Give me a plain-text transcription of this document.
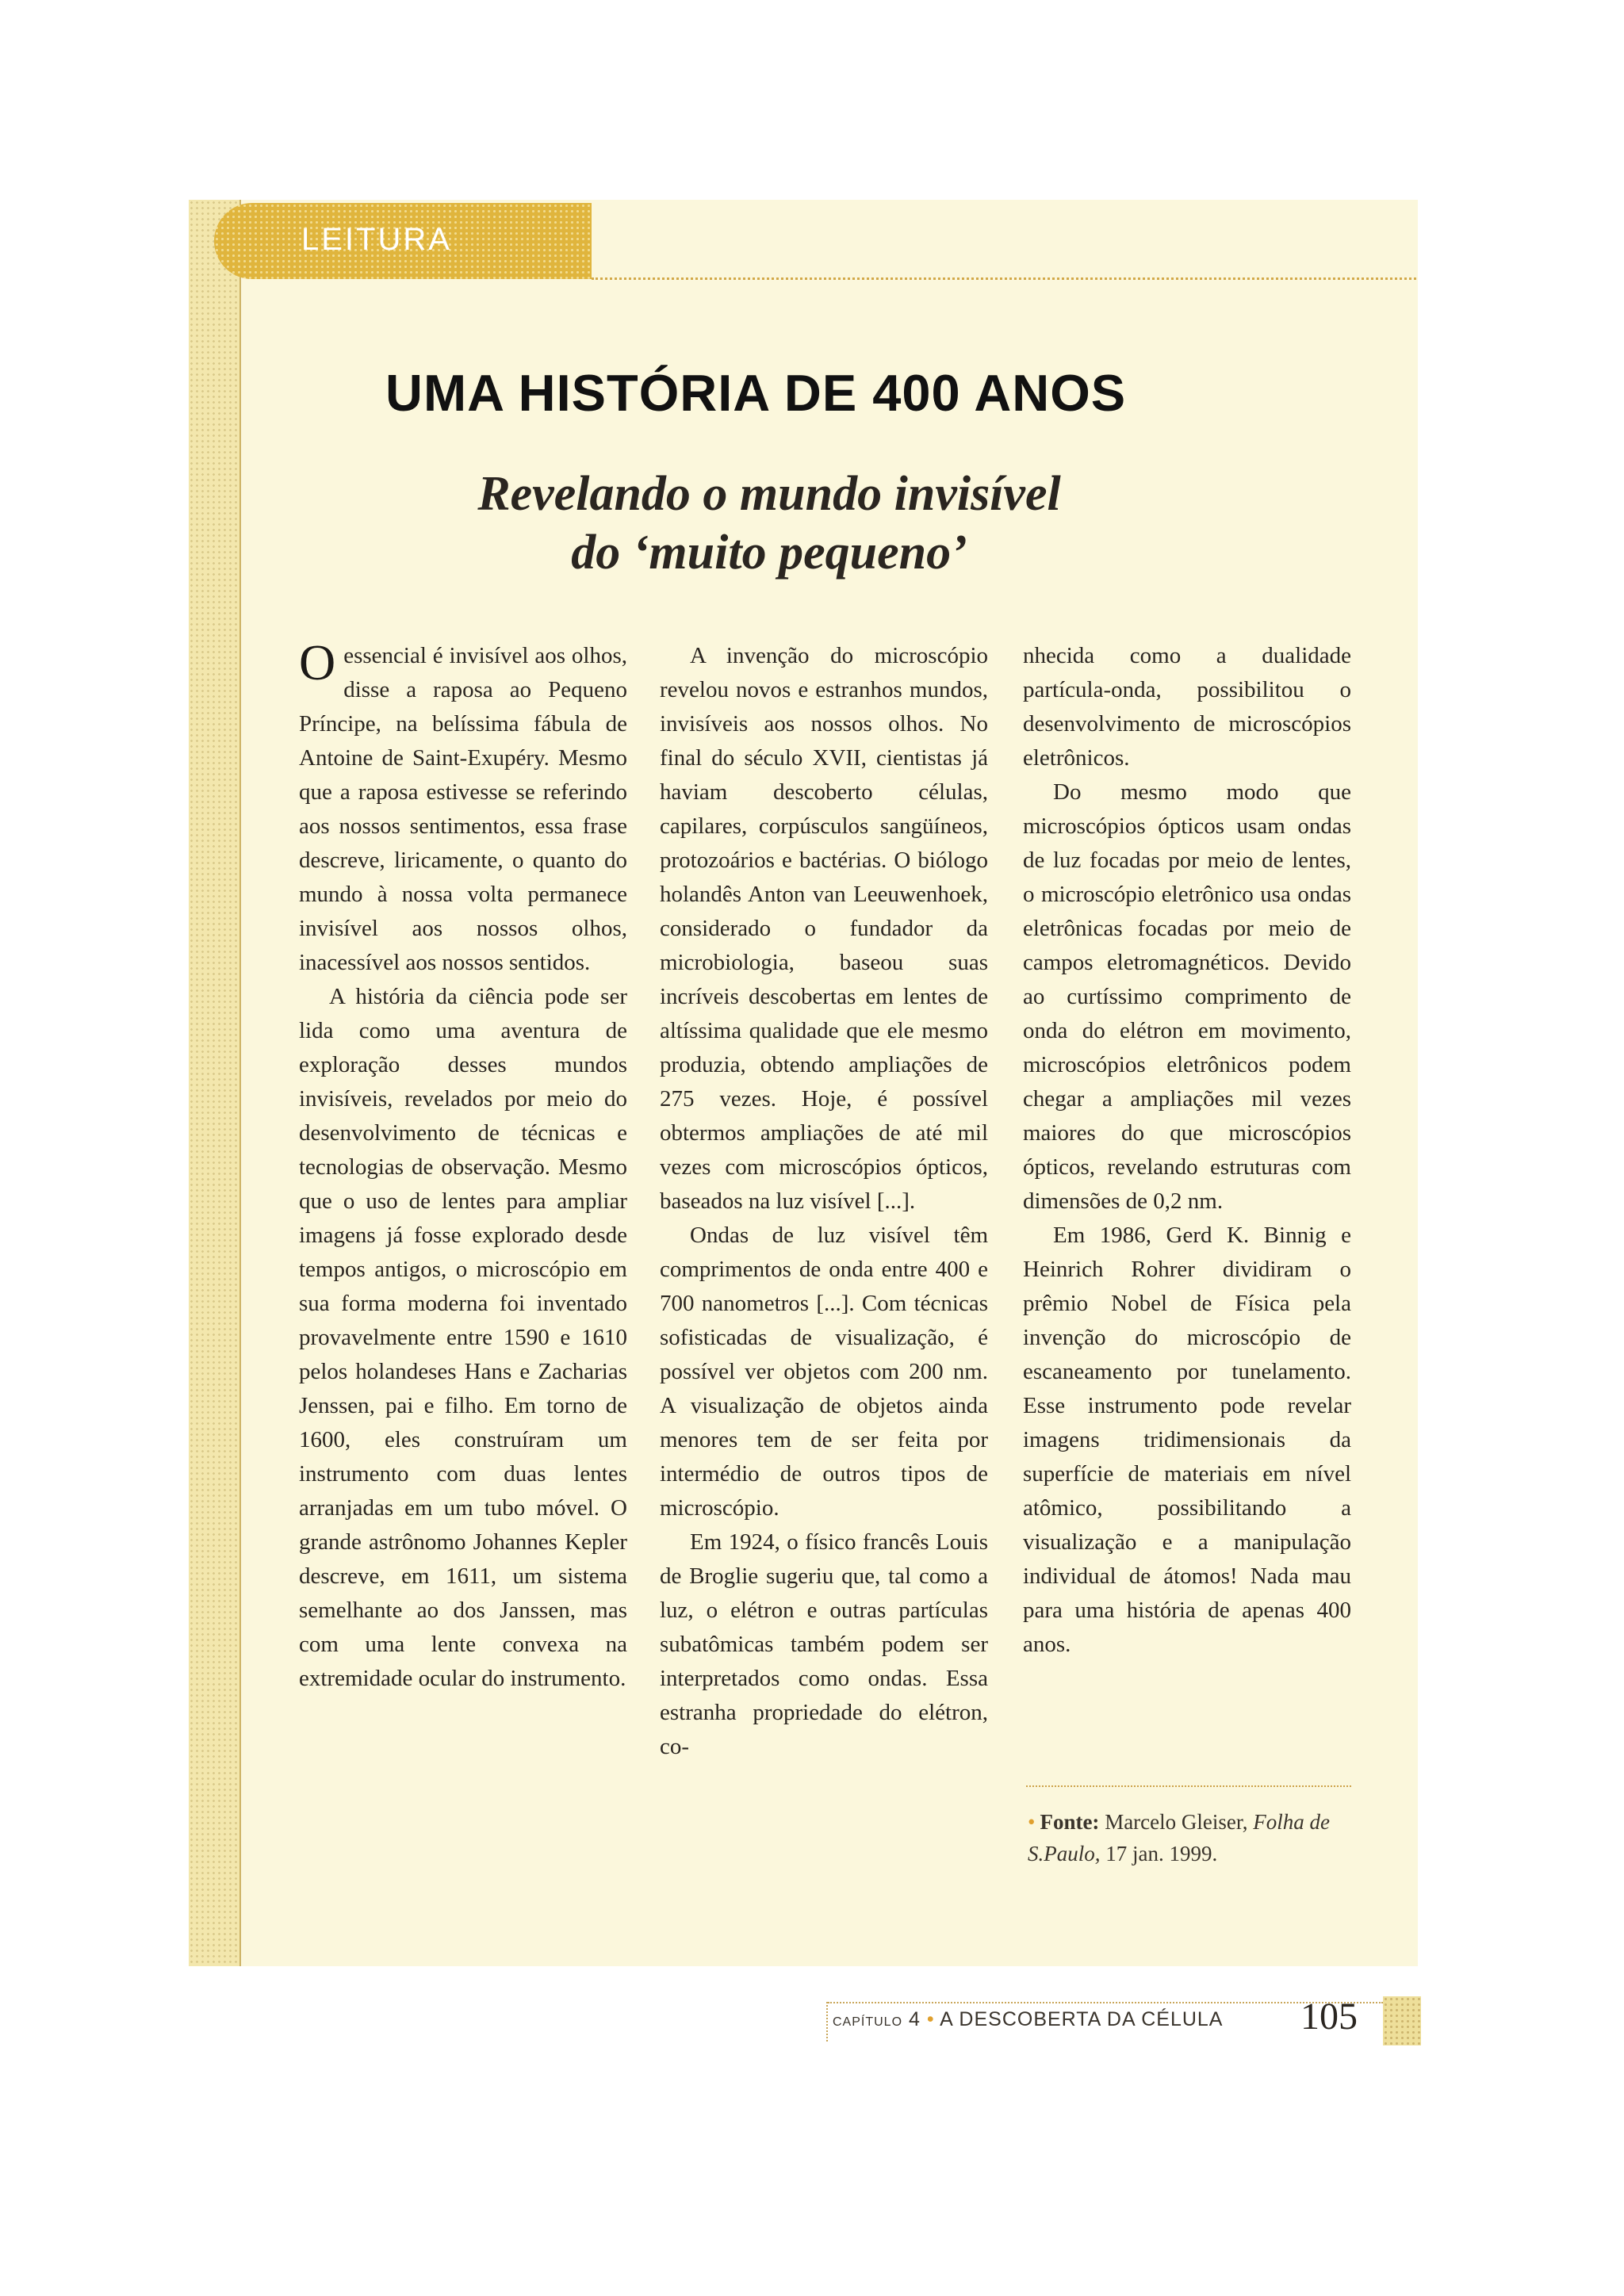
LEITURA
UMA HISTÓRIA DE 400 ANOS
Revelando o mundo invisível
do ‘muito pequeno’

Oessencial é invisível aos olhos, disse a raposa ao Pequeno Príncipe, na belíssima fábula de Antoine de Saint-Exupéry. Mesmo que a raposa estivesse se referindo aos nossos sentimentos, essa frase descreve, liricamente, o quanto do mundo à nossa volta permanece invisível aos nossos olhos, inacessível aos nossos sentidos.

A história da ciência pode ser lida como uma aventura de exploração desses mundos invisíveis, revelados por meio do desenvolvimento de técnicas e tecnologias de observação. Mesmo que o uso de lentes para ampliar imagens já fosse explorado desde tempos antigos, o microscópio em sua forma moderna foi inventado provavelmente entre 1590 e 1610 pelos holandeses Hans e Zacharias Jenssen, pai e filho. Em torno de 1600, eles construíram um instrumento com duas lentes arranjadas em um tubo móvel. O grande astrônomo Johannes Kepler descreve, em 1611, um sistema semelhante ao dos Janssen, mas com uma lente convexa na extremidade ocular do instrumento.

A invenção do microscópio revelou novos e estranhos mundos, invisíveis aos nossos olhos. No final do século XVII, cientistas já haviam descoberto células, capilares, corpúsculos sangüíneos, protozoários e bactérias. O biólogo holandês Anton van Leeuwenhoek, considerado o fundador da microbiologia, baseou suas incríveis descobertas em lentes de altíssima qualidade que ele mesmo produzia, obtendo ampliações de 275 vezes. Hoje, é possível obtermos ampliações de até mil vezes com microscópios ópticos, baseados na luz visível [...].

Ondas de luz visível têm comprimentos de onda entre 400 e 700 nanometros [...]. Com técnicas sofisticadas de visualização, é possível ver objetos com 200 nm. A visualização de objetos ainda menores tem de ser feita por intermédio de outros tipos de microscópio.

Em 1924, o físico francês Louis de Broglie sugeriu que, tal como a luz, o elétron e outras partículas subatômicas também podem ser interpretados como ondas. Essa estranha propriedade do elétron, co-

nhecida como a dualidade partícula-onda, possibilitou o desenvolvimento de microscópios eletrônicos.

Do mesmo modo que microscópios ópticos usam ondas de luz focadas por meio de lentes, o microscópio eletrônico usa ondas eletrônicas focadas por meio de campos eletromagnéticos. Devido ao curtíssimo comprimento de onda do elétron em movimento, microscópios eletrônicos podem chegar a ampliações mil vezes maiores do que microscópios ópticos, revelando estruturas com dimensões de 0,2 nm.

Em 1986, Gerd K. Binnig e Heinrich Rohrer dividiram o prêmio Nobel de Física pela invenção do microscópio de escaneamento por tunelamento. Esse instrumento pode revelar imagens tridimensionais da superfície de materiais em nível atômico, possibilitando a visualização e a manipulação individual de átomos! Nada mau para uma história de apenas 400 anos.

• Fonte: Marcelo Gleiser, Folha de S.Paulo, 17 jan. 1999.
CAPÍTULO 4 • A DESCOBERTA DA CÉLULA 105
